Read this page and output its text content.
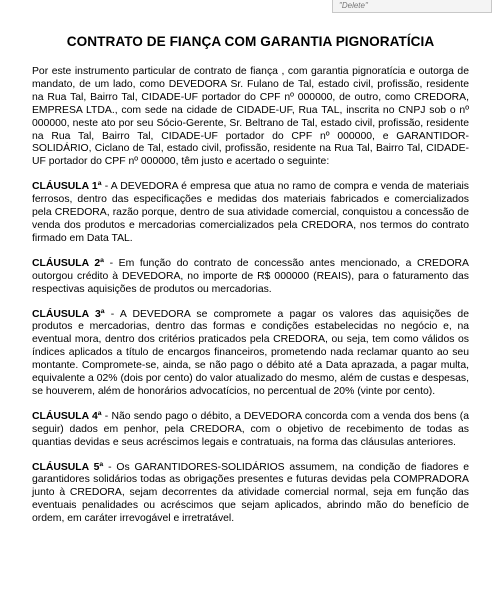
"Delete"
CONTRATO DE FIANÇA COM GARANTIA PIGNORATÍCIA

Por este instrumento particular de contrato de fiança , com garantia pignoratícia e outorga de mandato, de um lado, como DEVEDORA Sr. Fulano de Tal, estado civil, profissão, residente na Rua Tal, Bairro Tal, CIDADE-UF portador do CPF nº 000000, de outro, como CREDORA, EMPRESA LTDA., com sede na cidade de CIDADE-UF, Rua TAL, inscrita no CNPJ sob o nº 000000, neste ato por seu Sócio-Gerente, Sr. Beltrano de Tal, estado civil, profissão, residente na Rua Tal, Bairro Tal, CIDADE-UF portador do CPF nº 000000, e GARANTIDOR-SOLIDÁRIO, Ciclano de Tal, estado civil, profissão, residente na Rua Tal, Bairro Tal, CIDADE-UF portador do CPF nº 000000, têm justo e acertado o seguinte:

CLÁUSULA 1ª - A DEVEDORA é empresa que atua no ramo de compra e venda de materiais ferrosos, dentro das especificações e medidas dos materiais fabricados e comercializados pela CREDORA, razão porque, dentro de sua atividade comercial, conquistou a concessão de venda dos produtos e mercadorias comercializados pela CREDORA, nos termos do contrato firmado em Data TAL.

CLÁUSULA 2ª - Em função do contrato de concessão antes mencionado, a CREDORA outorgou crédito à DEVEDORA, no importe de R$ 000000 (REAIS), para o faturamento das respectivas aquisições de produtos ou mercadorias.

CLÁUSULA 3ª - A DEVEDORA se compromete a pagar os valores das aquisições de produtos e mercadorias, dentro das formas e condições estabelecidas no negócio e, na eventual mora, dentro dos critérios praticados pela CREDORA, ou seja, tem como válidos os índices aplicados a título de encargos financeiros, prometendo nada reclamar quanto ao seu montante. Compromete-se, ainda, se não pago o débito até a Data aprazada, a pagar multa, equivalente a 02% (dois por cento) do valor atualizado do mesmo, além de custas e despesas, se houverem, além de honorários advocatícios, no percentual de 20% (vinte por cento).

CLÁUSULA 4ª - Não sendo pago o débito, a DEVEDORA concorda com a venda dos bens (a seguir) dados em penhor, pela CREDORA, com o objetivo de recebimento de todas as quantias devidas e seus acréscimos legais e contratuais, na forma das cláusulas anteriores.

CLÁUSULA 5ª - Os GARANTIDORES-SOLIDÁRIOS assumem, na condição de fiadores e garantidores solidários todas as obrigações presentes e futuras devidas pela COMPRADORA junto à CREDORA, sejam decorrentes da atividade comercial normal, seja em função das eventuais penalidades ou acréscimos que sejam aplicados, abrindo mão do benefício de ordem, em caráter irrevogável e irretratável.
